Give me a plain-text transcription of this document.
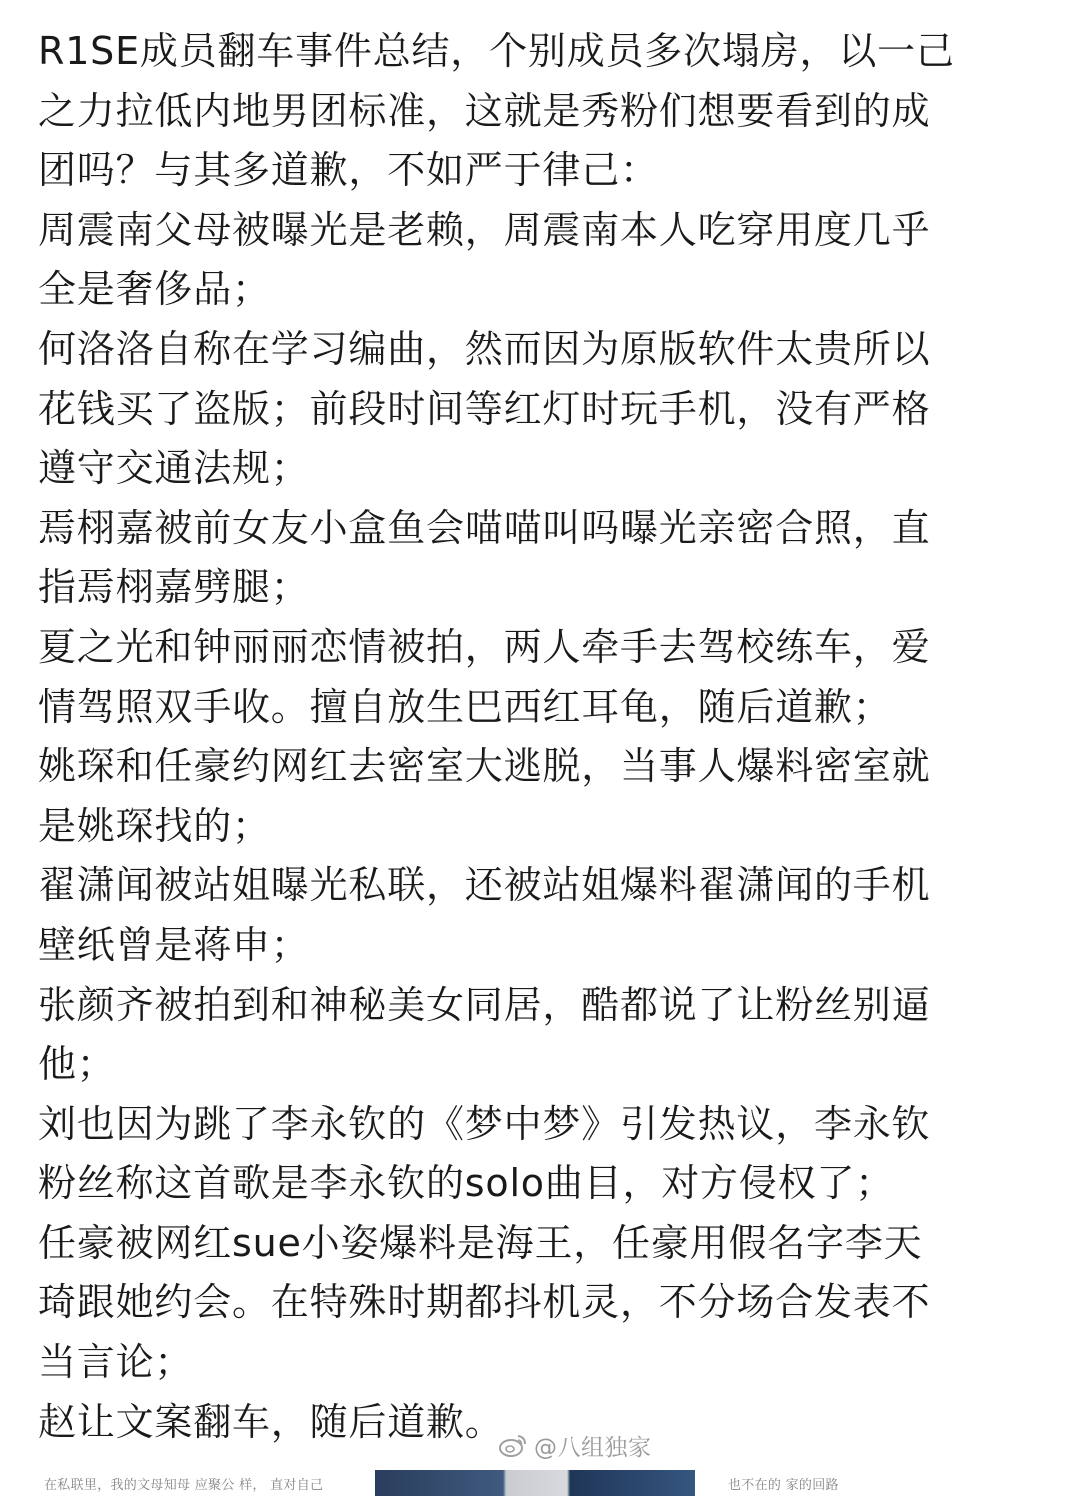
R1SE成员翻车事件总结，个别成员多次塌房，以一己
之力拉低内地男团标准，这就是秀粉们想要看到的成
团吗？与其多道歉，不如严于律己：
周震南父母被曝光是老赖，周震南本人吃穿用度几乎
全是奢侈品；
何洛洛自称在学习编曲，然而因为原版软件太贵所以
花钱买了盗版；前段时间等红灯时玩手机，没有严格
遵守交通法规；
焉栩嘉被前女友小盒鱼会喵喵叫吗曝光亲密合照，直
指焉栩嘉劈腿；
夏之光和钟丽丽恋情被拍，两人牵手去驾校练车，爱
情驾照双手收。擅自放生巴西红耳龟，随后道歉；
姚琛和任豪约网红去密室大逃脱，当事人爆料密室就
是姚琛找的；
翟潇闻被站姐曝光私联，还被站姐爆料翟潇闻的手机
壁纸曾是蒋申；
张颜齐被拍到和神秘美女同居，酷都说了让粉丝别逼
他；
刘也因为跳了李永钦的《梦中梦》引发热议，李永钦
粉丝称这首歌是李永钦的solo曲目，对方侵权了；
任豪被网红sue小姿爆料是海王，任豪用假名字李天
琦跟她约会。在特殊时期都抖机灵，不分场合发表不
当言论；
赵让文案翻车，随后道歉。
@八组独家
在私联里，我的文母知母 应聚公 样， 直对自己	也不在的 家的回路
